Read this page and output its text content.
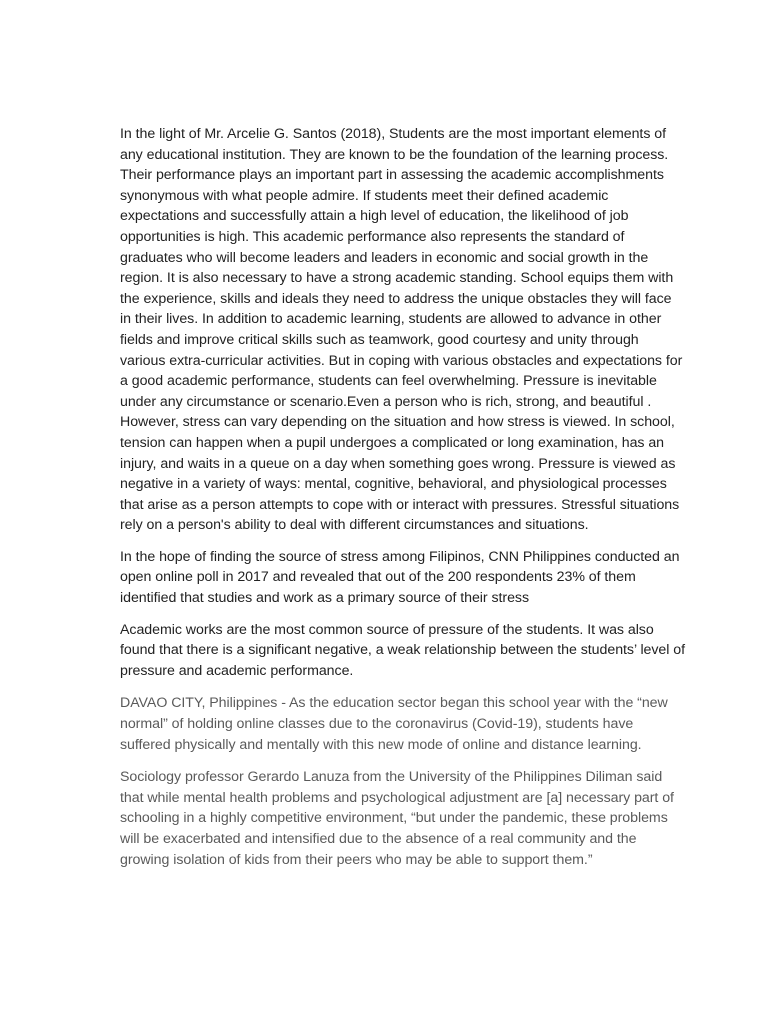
In the light of Mr. Arcelie G. Santos (2018), Students are the most important elements of any educational institution. They are known to be the foundation of the learning process. Their performance plays an important part in assessing the academic accomplishments synonymous with what people admire. If students meet their defined academic expectations and successfully attain a high level of education, the likelihood of job opportunities is high. This academic performance also represents the standard of graduates who will become leaders and leaders in economic and social growth in the region. It is also necessary to have a strong academic standing. School equips them with the experience, skills and ideals they need to address the unique obstacles they will face in their lives. In addition to academic learning, students are allowed to advance in other fields and improve critical skills such as teamwork, good courtesy and unity through various extra-curricular activities. But in coping with various obstacles and expectations for a good academic performance, students can feel overwhelming. Pressure is inevitable under any circumstance or scenario.Even a person who is rich, strong, and beautiful . However, stress can vary depending on the situation and how stress is viewed. In school, tension can happen when a pupil undergoes a complicated or long examination, has an injury, and waits in a queue on a day when something goes wrong. Pressure is viewed as negative in a variety of ways: mental, cognitive, behavioral, and physiological processes that arise as a person attempts to cope with or interact with pressures. Stressful situations rely on a person's ability to deal with different circumstances and situations.

In the hope of finding the source of stress among Filipinos, CNN Philippines conducted an open online poll in 2017 and revealed that out of the 200 respondents 23% of them identified that studies and work as a primary source of their stress

Academic works are the most common source of pressure of the students. It was also found that there is a significant negative, a weak relationship between the students’ level of pressure and academic performance.

DAVAO CITY, Philippines - As the education sector began this school year with the “new normal” of holding online classes due to the coronavirus (Covid-19), students have suffered physically and mentally with this new mode of online and distance learning.

Sociology professor Gerardo Lanuza from the University of the Philippines Diliman said that while mental health problems and psychological adjustment are [a] necessary part of schooling in a highly competitive environment, “but under the pandemic, these problems will be exacerbated and intensified due to the absence of a real community and the growing isolation of kids from their peers who may be able to support them.”
